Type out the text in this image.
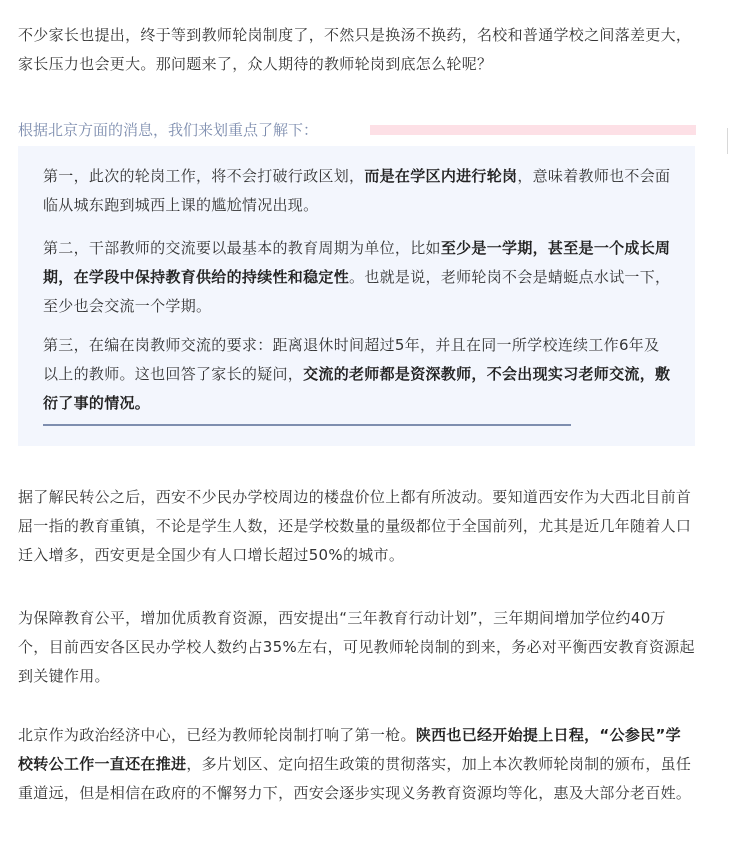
不少家长也提出，终于等到教师轮岗制度了，不然只是换汤不换药，名校和普通学校之间落差更大，家长压力也会更大。那问题来了，众人期待的教师轮岗到底怎么轮呢？

根据北京方面的消息，我们来划重点了解下：

第一，此次的轮岗工作，将不会打破行政区划，而是在学区内进行轮岗，意味着教师也不会面临从城东跑到城西上课的尴尬情况出现。

第二，干部教师的交流要以最基本的教育周期为单位，比如至少是一学期，甚至是一个成长周期，在学段中保持教育供给的持续性和稳定性。也就是说，老师轮岗不会是蜻蜓点水试一下，至少也会交流一个学期。

第三，在编在岗教师交流的要求：距离退休时间超过5年，并且在同一所学校连续工作6年及以上的教师。这也回答了家长的疑问，交流的老师都是资深教师，不会出现实习老师交流，敷衍了事的情况。

据了解民转公之后，西安不少民办学校周边的楼盘价位上都有所波动。要知道西安作为大西北目前首屈一指的教育重镇，不论是学生人数，还是学校数量的量级都位于全国前列，尤其是近几年随着人口迁入增多，西安更是全国少有人口增长超过50%的城市。

为保障教育公平，增加优质教育资源，西安提出“三年教育行动计划”，三年期间增加学位约40万个，目前西安各区民办学校人数约占35%左右，可见教师轮岗制的到来，务必对平衡西安教育资源起到关键作用。

北京作为政治经济中心，已经为教师轮岗制打响了第一枪。陕西也已经开始提上日程，“公参民”学校转公工作一直还在推进，多片划区、定向招生政策的贯彻落实，加上本次教师轮岗制的颁布，虽任重道远，但是相信在政府的不懈努力下，西安会逐步实现义务教育资源均等化，惠及大部分老百姓。
